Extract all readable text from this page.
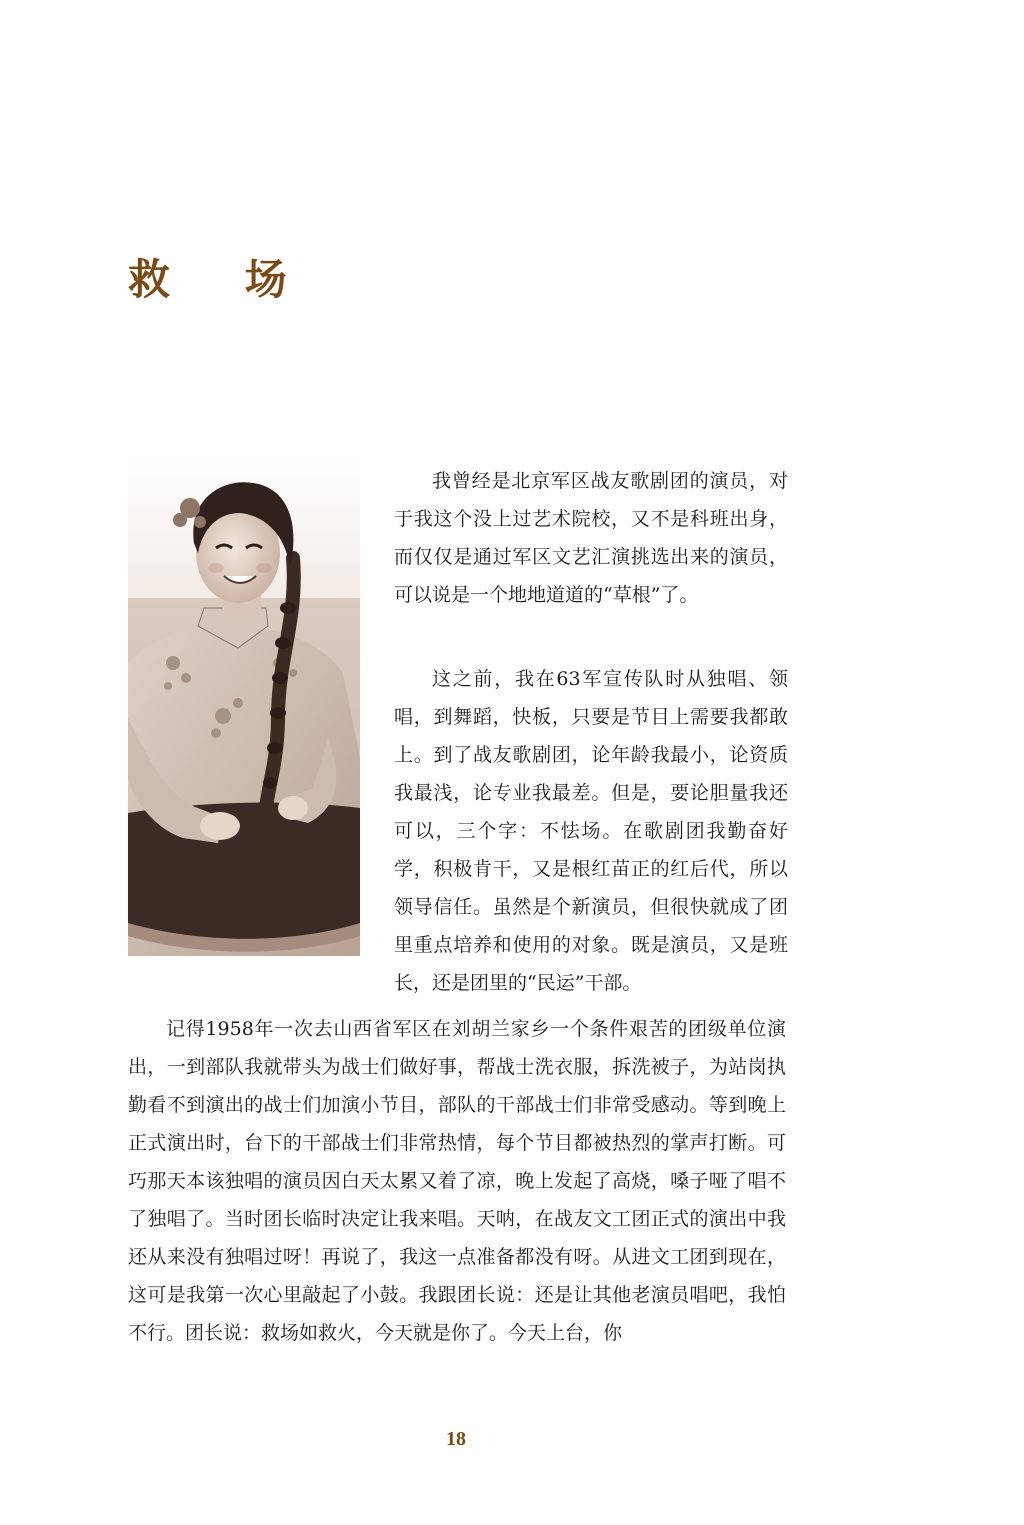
救 场

我曾经是北京军区战友歌剧团的演员，对于我这个没上过艺术院校，又不是科班出身，而仅仅是通过军区文艺汇演挑选出来的演员，可以说是一个地地道道的“草根”了。

这之前，我在63军宣传队时从独唱、领唱，到舞蹈，快板，只要是节目上需要我都敢上。到了战友歌剧团，论年龄我最小，论资质我最浅，论专业我最差。但是，要论胆量我还可以，三个字：不怯场。在歌剧团我勤奋好学，积极肯干，又是根红苗正的红后代，所以领导信任。虽然是个新演员，但很快就成了团里重点培养和使用的对象。既是演员，又是班长，还是团里的“民运”干部。

记得1958年一次去山西省军区在刘胡兰家乡一个条件艰苦的团级单位演出，一到部队我就带头为战士们做好事，帮战士洗衣服，拆洗被子，为站岗执勤看不到演出的战士们加演小节目，部队的干部战士们非常受感动。等到晚上正式演出时，台下的干部战士们非常热情，每个节目都被热烈的掌声打断。可巧那天本该独唱的演员因白天太累又着了凉，晚上发起了高烧，嗓子哑了唱不了独唱了。当时团长临时决定让我来唱。天呐，在战友文工团正式的演出中我还从来没有独唱过呀！再说了，我这一点准备都没有呀。从进文工团到现在，这可是我第一次心里敲起了小鼓。我跟团长说：还是让其他老演员唱吧，我怕不行。团长说：救场如救火，今天就是你了。今天上台，你

18
